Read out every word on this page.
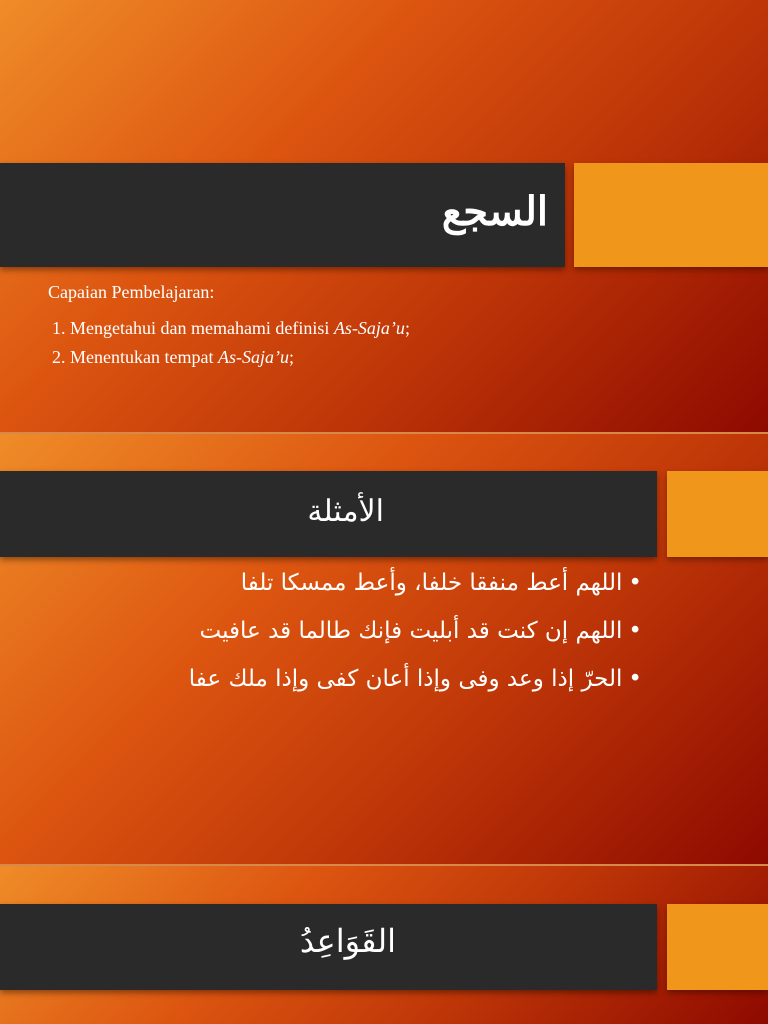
السجع
Capaian Pembelajaran:
1. Mengetahui dan memahami definisi As-Saja’u;
2. Menentukan tempat As-Saja’u;
الأمثلة
• اللهم أعط منفقا خلفا، وأعط ممسكا تلفا
• اللهم إن كنت قد أبليت فإنك طالما قد عافيت
• الحرّ إذا وعد وفى وإذا أعان كفى وإذا ملك عفا
القَوَاعِدُ
